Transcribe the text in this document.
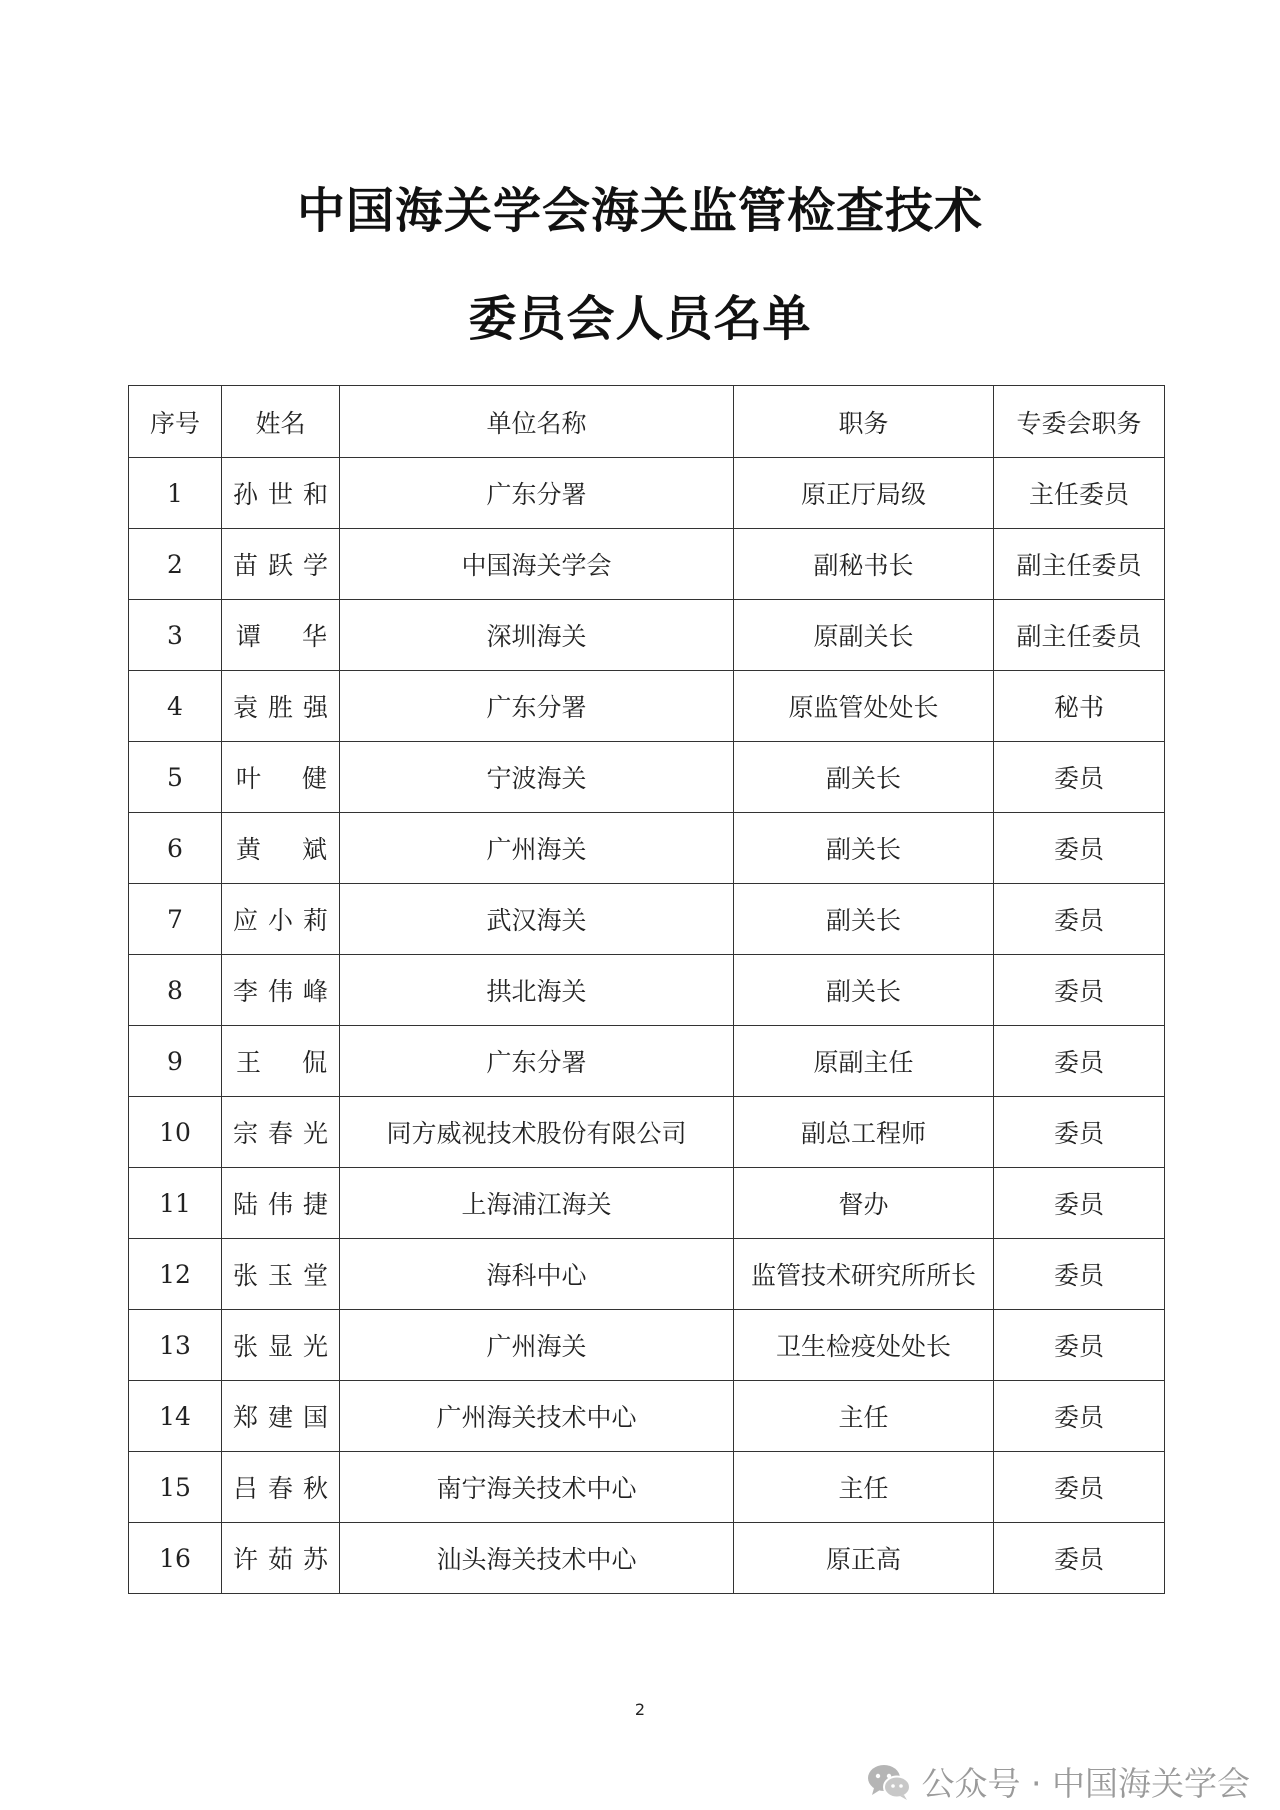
中国海关学会海关监管检查技术
委员会人员名单
序号	姓名	单位名称	职务	专委会职务
1	孙世和	广东分署	原正厅局级	主任委员
2	苗跃学	中国海关学会	副秘书长	副主任委员
3	谭华	深圳海关	原副关长	副主任委员
4	袁胜强	广东分署	原监管处处长	秘书
5	叶健	宁波海关	副关长	委员
6	黄斌	广州海关	副关长	委员
7	应小莉	武汉海关	副关长	委员
8	李伟峰	拱北海关	副关长	委员
9	王侃	广东分署	原副主任	委员
10	宗春光	同方威视技术股份有限公司	副总工程师	委员
11	陆伟捷	上海浦江海关	督办	委员
12	张玉堂	海科中心	监管技术研究所所长	委员
13	张显光	广州海关	卫生检疫处处长	委员
14	郑建国	广州海关技术中心	主任	委员
15	吕春秋	南宁海关技术中心	主任	委员
16	许茹苏	汕头海关技术中心	原正高	委员
2
公众号 · 中国海关学会
